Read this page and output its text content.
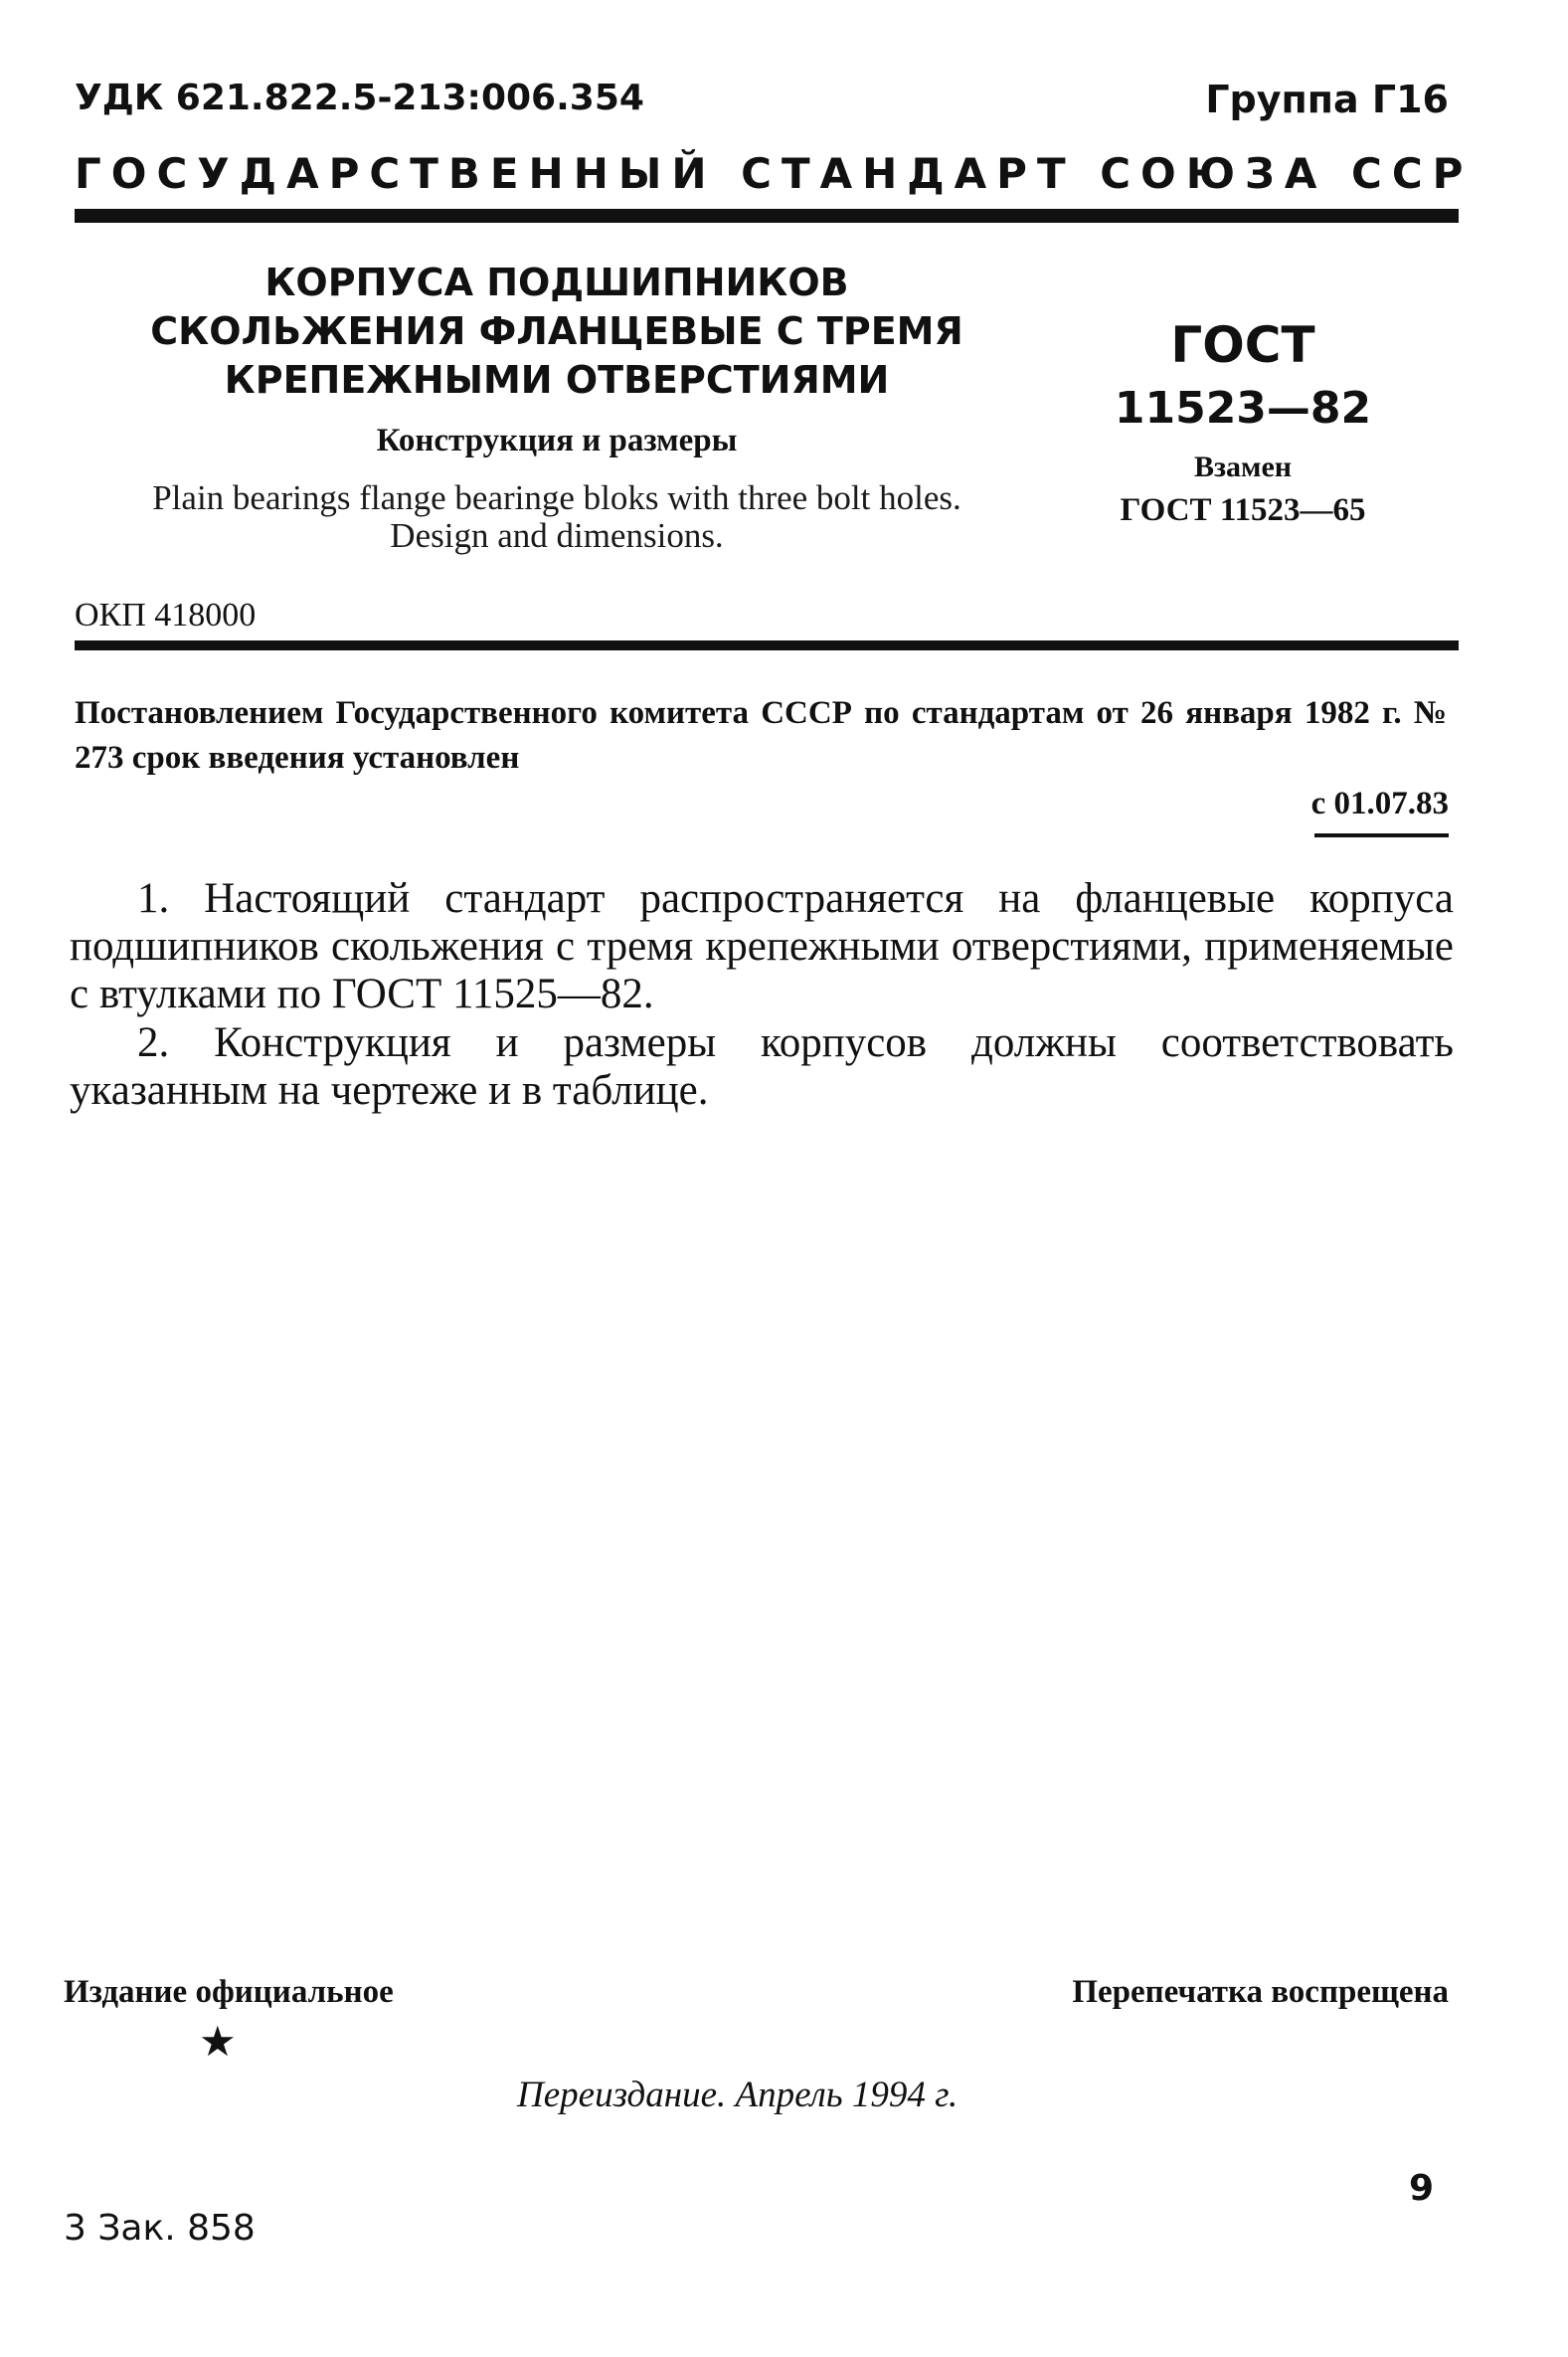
УДК 621.822.5-213:006.354	Группа Г16
ГОСУДАРСТВЕННЫЙ СТАНДАРТ СОЮЗА ССР
КОРПУСА ПОДШИПНИКОВ СКОЛЬЖЕНИЯ ФЛАНЦЕВЫЕ С ТРЕМЯ КРЕПЕЖНЫМИ ОТВЕРСТИЯМИ
Конструкция и размеры
Plain bearings flange bearinge bloks with three bolt holes. Design and dimensions.
ГОСТ
11523—82
Взамен
ГОСТ 11523—65
ОКП 418000
Постановлением Государственного комитета СССР по стандартам от 26 января 1982 г. № 273 срок введения установлен
с 01.07.83
1. Настоящий стандарт распространяется на фланцевые корпуса подшипников скольжения с тремя крепежными отверстиями, применяемые с втулками по ГОСТ 11525—82.
2. Конструкция и размеры корпусов должны соответствовать указанным на чертеже и в таблице.
Издание официальное	Перепечатка воспрещена
★
Переиздание. Апрель 1994 г.
9
3 Зак. 858
